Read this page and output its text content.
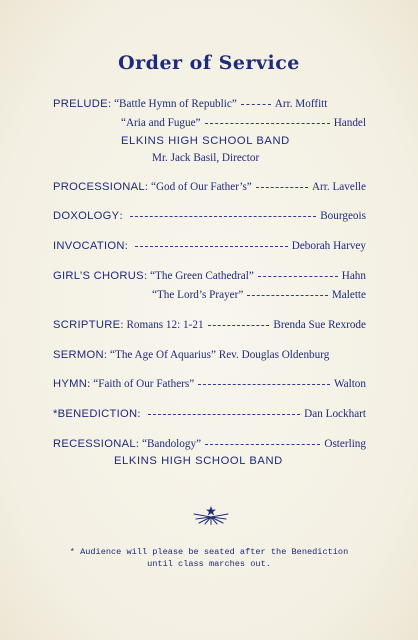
Order of Service
PRELUDE : “Battle Hymn of Republic”	Arr. Moffitt
“Aria and Fugue”	Handel
ELKINS HIGH SCHOOL BAND
Mr. Jack Basil, Director
PROCESSIONAL : “God of Our Father’s”	Arr. Lavelle
DOXOLOGY :	Bourgeois
INVOCATION :	Deborah Harvey
GIRL’S CHORUS : “The Green Cathedral”	Hahn
“The Lord’s Prayer”	Malette
SCRIPTURE : Romans 12: 1-21	Brenda Sue Rexrode
SERMON : “The Age Of Aquarius” Rev. Douglas Oldenburg
HYMN : “Faith of Our Fathers”	Walton
*BENEDICTION :	Dan Lockhart
RECESSIONAL : “Bandology”	Osterling
ELKINS HIGH SCHOOL BAND
* Audience will please be seated after the Benediction
until class marches out.
